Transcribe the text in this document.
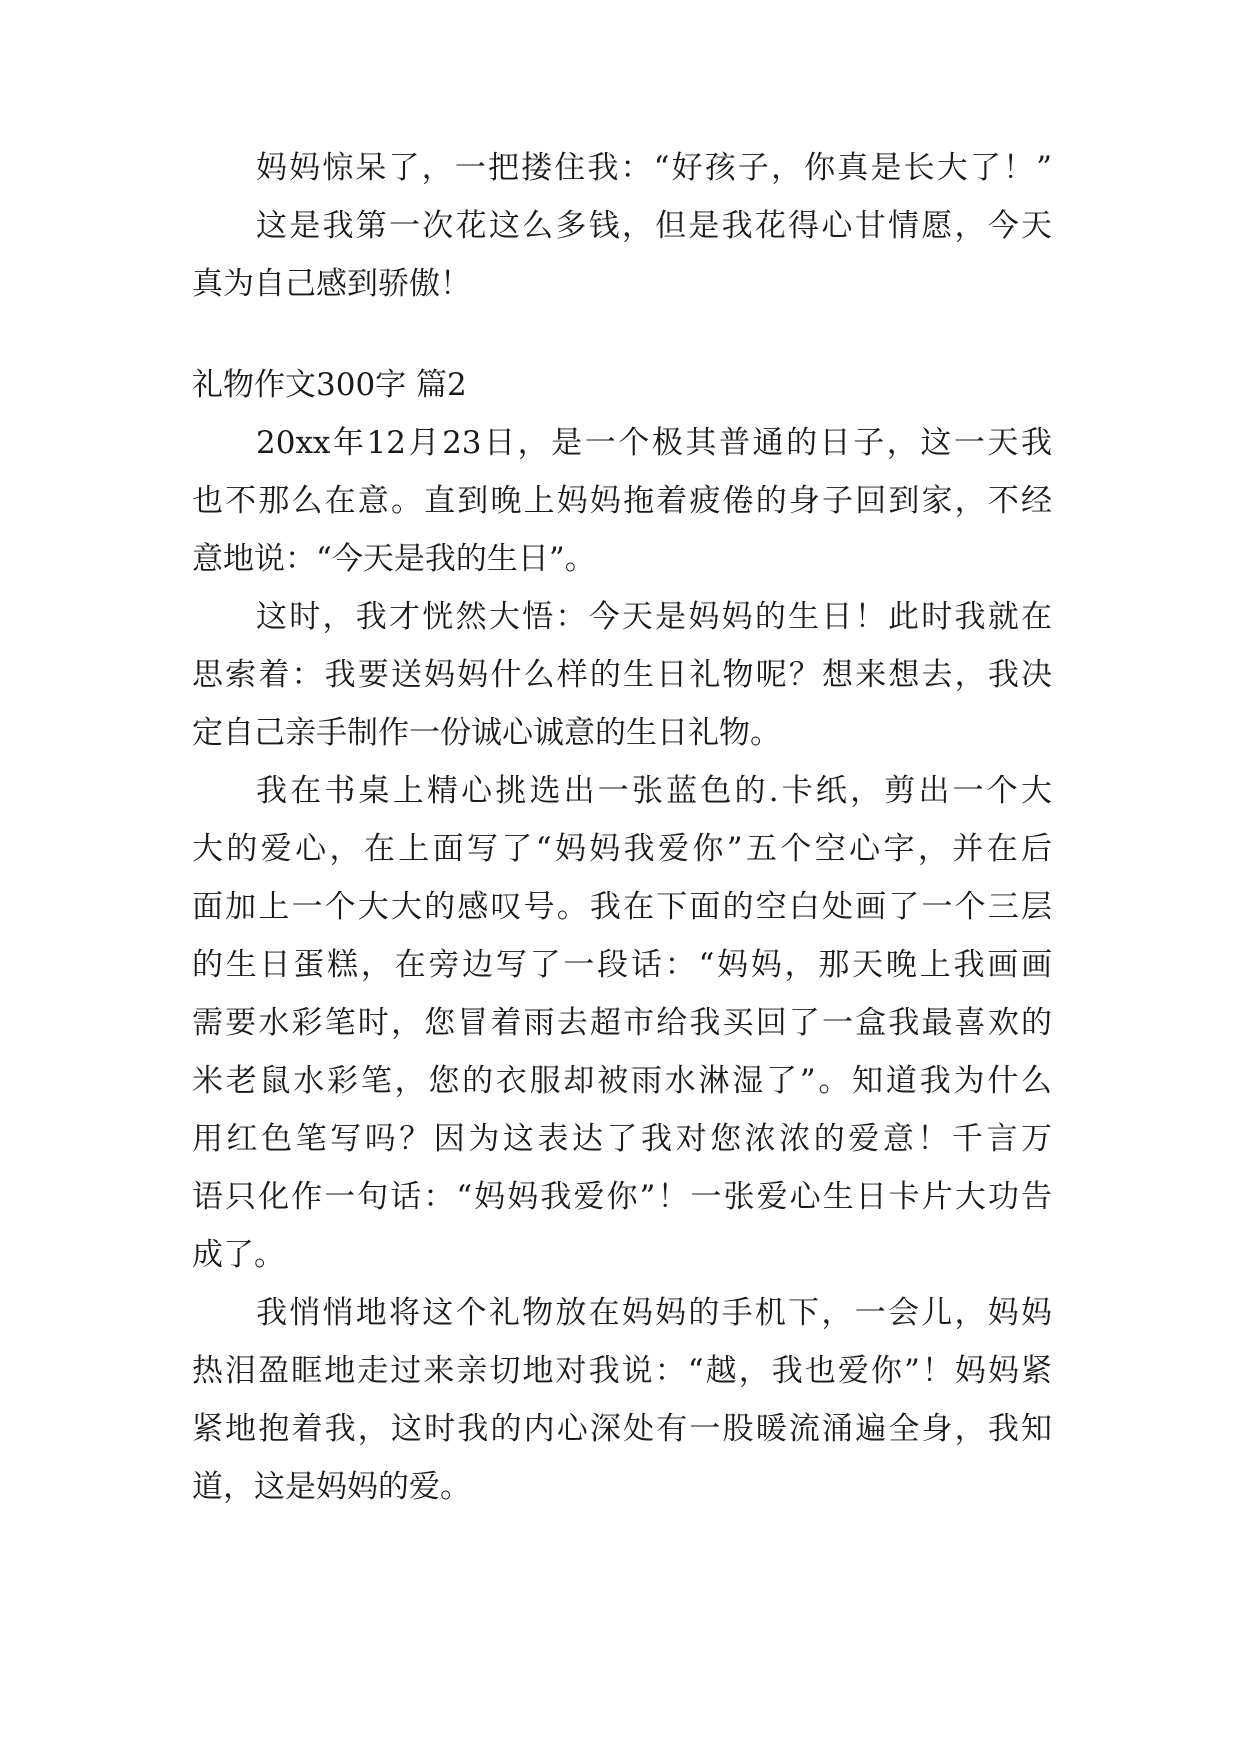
妈妈惊呆了，一把搂住我：“好孩子，你真是长大了！”
这是我第一次花这么多钱，但是我花得心甘情愿，今天
真为自己感到骄傲！
礼物作文300字 篇2
20xx年12月23日，是一个极其普通的日子，这一天我
也不那么在意。直到晚上妈妈拖着疲倦的身子回到家，不经
意地说：“今天是我的生日”。
这时，我才恍然大悟：今天是妈妈的生日！此时我就在
思索着：我要送妈妈什么样的生日礼物呢？想来想去，我决
定自己亲手制作一份诚心诚意的生日礼物。
我在书桌上精心挑选出一张蓝色的.卡纸，剪出一个大
大的爱心，在上面写了“妈妈我爱你”五个空心字，并在后
面加上一个大大的感叹号。我在下面的空白处画了一个三层
的生日蛋糕，在旁边写了一段话：“妈妈，那天晚上我画画
需要水彩笔时，您冒着雨去超市给我买回了一盒我最喜欢的
米老鼠水彩笔，您的衣服却被雨水淋湿了”。知道我为什么
用红色笔写吗？因为这表达了我对您浓浓的爱意！千言万
语只化作一句话：“妈妈我爱你”！一张爱心生日卡片大功告
成了。
我悄悄地将这个礼物放在妈妈的手机下，一会儿，妈妈
热泪盈眶地走过来亲切地对我说：“越，我也爱你”！妈妈紧
紧地抱着我，这时我的内心深处有一股暖流涌遍全身，我知
道，这是妈妈的爱。
